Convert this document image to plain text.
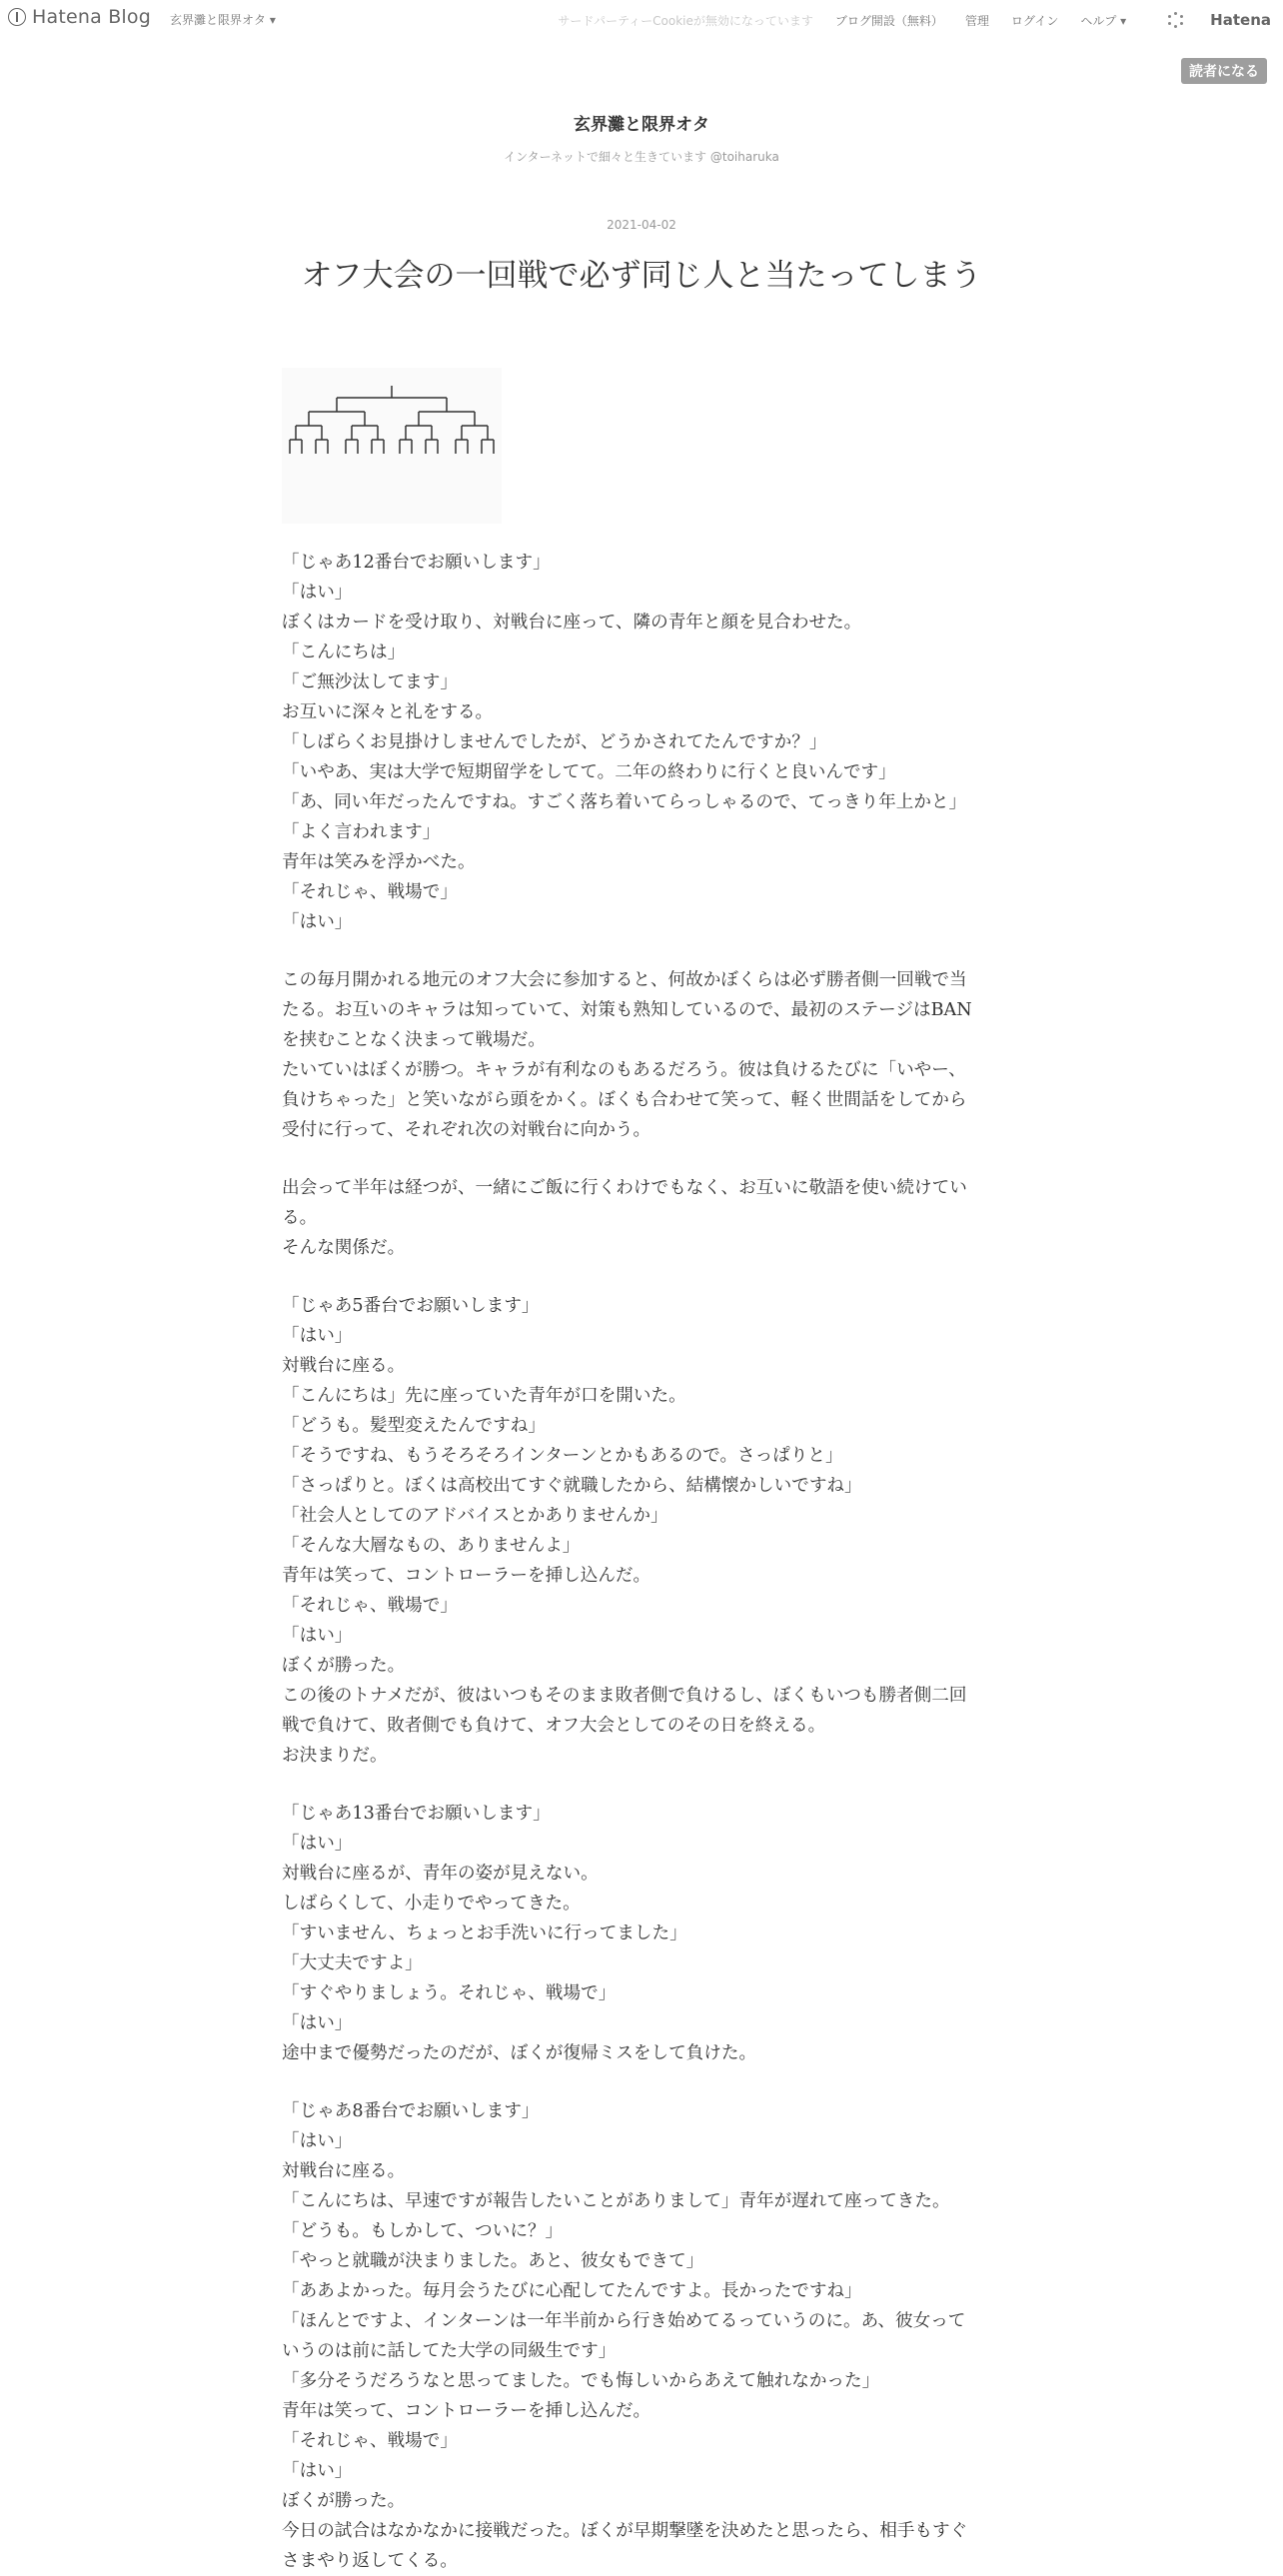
Hatena Blog 玄界灘と限界オタ ▾	サードパーティーCookieが無効になっています ブログ開設（無料） 管理 ログイン ヘルプ ▾	Hatena
読者になる
玄界灘と限界オタ
インターネットで細々と生きています @toiharuka
2021-04-02
オフ大会の一回戦で必ず同じ人と当たってしまう
「じゃあ12番台でお願いします」
「はい」
ぼくはカードを受け取り、対戦台に座って、隣の青年と顔を見合わせた。
「こんにちは」
「ご無沙汰してます」
お互いに深々と礼をする。
「しばらくお見掛けしませんでしたが、どうかされてたんですか？」
「いやあ、実は大学で短期留学をしてて。二年の終わりに行くと良いんです」
「あ、同い年だったんですね。すごく落ち着いてらっしゃるので、てっきり年上かと」
「よく言われます」
青年は笑みを浮かべた。
「それじゃ、戦場で」
「はい」
この毎月開かれる地元のオフ大会に参加すると、何故かぼくらは必ず勝者側一回戦で当
たる。お互いのキャラは知っていて、対策も熟知しているので、最初のステージはBAN
を挟むことなく決まって戦場だ。
たいていはぼくが勝つ。キャラが有利なのもあるだろう。彼は負けるたびに「いやー、
負けちゃった」と笑いながら頭をかく。ぼくも合わせて笑って、軽く世間話をしてから
受付に行って、それぞれ次の対戦台に向かう。
出会って半年は経つが、一緒にご飯に行くわけでもなく、お互いに敬語を使い続けてい
る。
そんな関係だ。
「じゃあ5番台でお願いします」
「はい」
対戦台に座る。
「こんにちは」先に座っていた青年が口を開いた。
「どうも。髪型変えたんですね」
「そうですね、もうそろそろインターンとかもあるので。さっぱりと」
「さっぱりと。ぼくは高校出てすぐ就職したから、結構懐かしいですね」
「社会人としてのアドバイスとかありませんか」
「そんな大層なもの、ありませんよ」
青年は笑って、コントローラーを挿し込んだ。
「それじゃ、戦場で」
「はい」
ぼくが勝った。
この後のトナメだが、彼はいつもそのまま敗者側で負けるし、ぼくもいつも勝者側二回
戦で負けて、敗者側でも負けて、オフ大会としてのその日を終える。
お決まりだ。
「じゃあ13番台でお願いします」
「はい」
対戦台に座るが、青年の姿が見えない。
しばらくして、小走りでやってきた。
「すいません、ちょっとお手洗いに行ってました」
「大丈夫ですよ」
「すぐやりましょう。それじゃ、戦場で」
「はい」
途中まで優勢だったのだが、ぼくが復帰ミスをして負けた。
「じゃあ8番台でお願いします」
「はい」
対戦台に座る。
「こんにちは、早速ですが報告したいことがありまして」青年が遅れて座ってきた。
「どうも。もしかして、ついに？」
「やっと就職が決まりました。あと、彼女もできて」
「ああよかった。毎月会うたびに心配してたんですよ。長かったですね」
「ほんとですよ、インターンは一年半前から行き始めてるっていうのに。あ、彼女って
いうのは前に話してた大学の同級生です」
「多分そうだろうなと思ってました。でも悔しいからあえて触れなかった」
青年は笑って、コントローラーを挿し込んだ。
「それじゃ、戦場で」
「はい」
ぼくが勝った。
今日の試合はなかなかに接戦だった。ぼくが早期撃墜を決めたと思ったら、相手もすぐ
さまやり返してくる。
